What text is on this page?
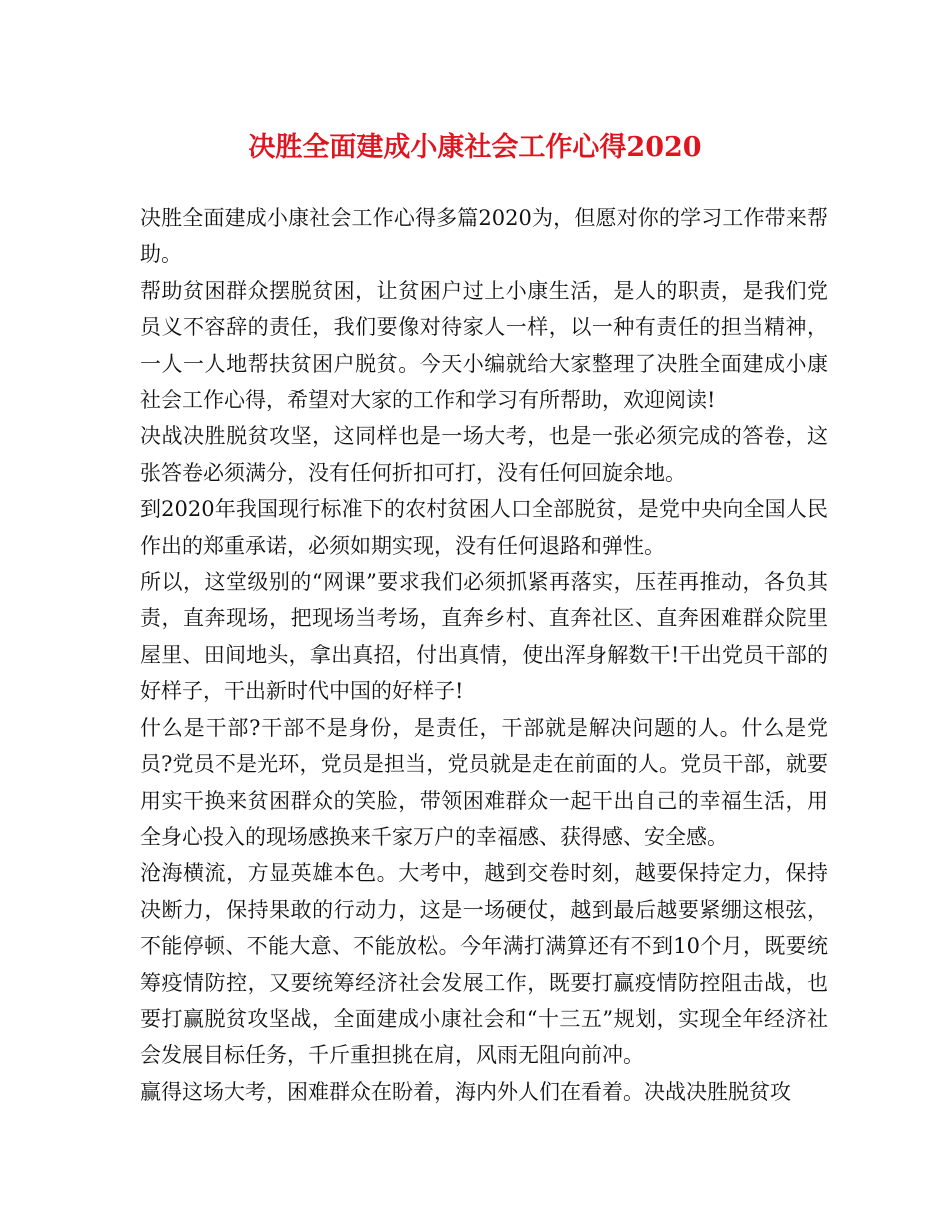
决胜全面建成小康社会工作心得2020

决胜全面建成小康社会工作心得多篇2020为，但愿对你的学习工作带来帮助。

帮助贫困群众摆脱贫困，让贫困户过上小康生活，是人的职责，是我们党员义不容辞的责任，我们要像对待家人一样，以一种有责任的担当精神，一人一人地帮扶贫困户脱贫。今天小编就给大家整理了决胜全面建成小康社会工作心得，希望对大家的工作和学习有所帮助，欢迎阅读!

决战决胜脱贫攻坚，这同样也是一场大考，也是一张必须完成的答卷，这张答卷必须满分，没有任何折扣可打，没有任何回旋余地。

到2020年我国现行标准下的农村贫困人口全部脱贫，是党中央向全国人民作出的郑重承诺，必须如期实现，没有任何退路和弹性。

所以，这堂级别的“网课”要求我们必须抓紧再落实，压茬再推动，各负其责，直奔现场，把现场当考场，直奔乡村、直奔社区、直奔困难群众院里屋里、田间地头，拿出真招，付出真情，使出浑身解数干!干出党员干部的好样子，干出新时代中国的好样子!

什么是干部?干部不是身份，是责任，干部就是解决问题的人。什么是党员?党员不是光环，党员是担当，党员就是走在前面的人。党员干部，就要用实干换来贫困群众的笑脸，带领困难群众一起干出自己的幸福生活，用全身心投入的现场感换来千家万户的幸福感、获得感、安全感。

沧海横流，方显英雄本色。大考中，越到交卷时刻，越要保持定力，保持决断力，保持果敢的行动力，这是一场硬仗，越到最后越要紧绷这根弦，不能停顿、不能大意、不能放松。今年满打满算还有不到10个月，既要统筹疫情防控，又要统筹经济社会发展工作，既要打赢疫情防控阻击战，也要打赢脱贫攻坚战，全面建成小康社会和“十三五”规划，实现全年经济社会发展目标任务，千斤重担挑在肩，风雨无阻向前冲。

赢得这场大考，困难群众在盼着，海内外人们在看着。决战决胜脱贫攻
